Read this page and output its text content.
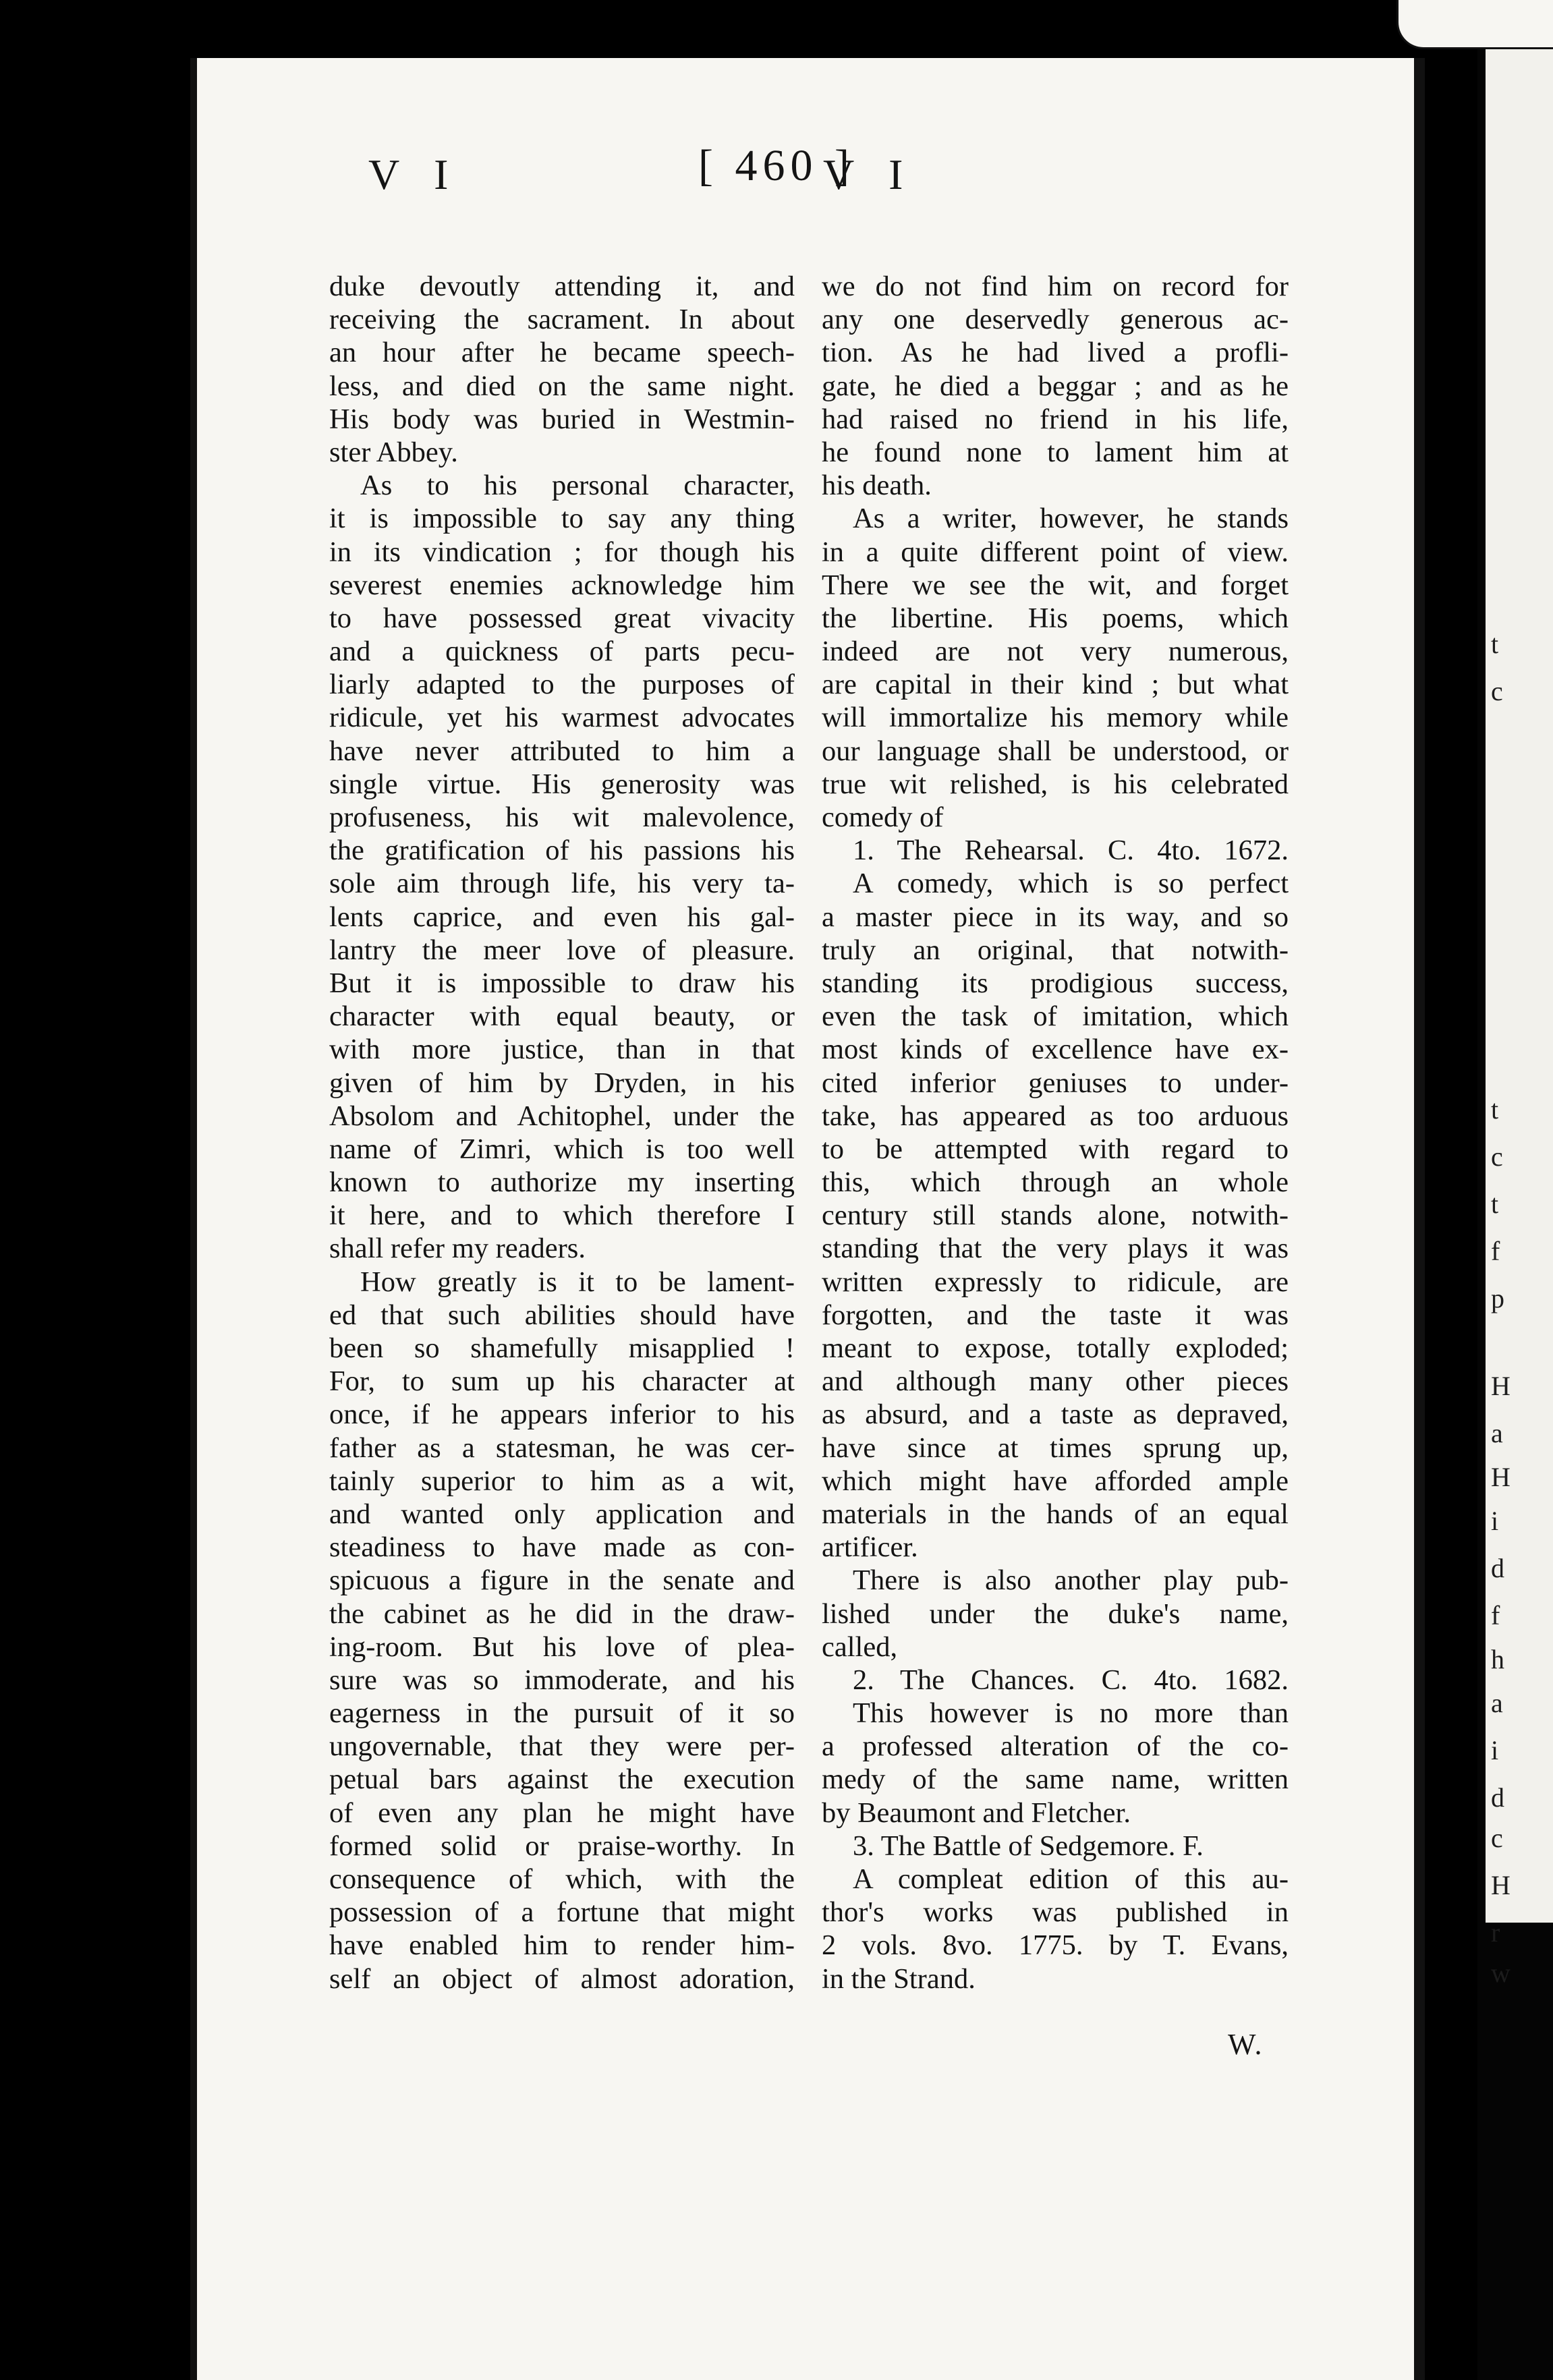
[ 460 ]
V I	V I
duke devoutly attending it, and
receiving the sacrament. In about
an hour after he became speech-
less, and died on the same night.
His body was buried in Westmin-
ster Abbey.
As to his personal character,
it is impossible to say any thing
in its vindication ; for though his
severest enemies acknowledge him
to have possessed great vivacity
and a quickness of parts pecu-
liarly adapted to the purposes of
ridicule, yet his warmest advocates
have never attributed to him a
single virtue. His generosity was
profuseness, his wit malevolence,
the gratification of his passions his
sole aim through life, his very ta-
lents caprice, and even his gal-
lantry the meer love of pleasure.
But it is impossible to draw his
character with equal beauty, or
with more justice, than in that
given of him by Dryden, in his
Absolom and Achitophel, under the
name of Zimri, which is too well
known to authorize my inserting
it here, and to which therefore I
shall refer my readers.
How greatly is it to be lament-
ed that such abilities should have
been so shamefully misapplied !
For, to sum up his character at
once, if he appears inferior to his
father as a statesman, he was cer-
tainly superior to him as a wit,
and wanted only application and
steadiness to have made as con-
spicuous a figure in the senate and
the cabinet as he did in the draw-
ing-room. But his love of plea-
sure was so immoderate, and his
eagerness in the pursuit of it so
ungovernable, that they were per-
petual bars against the execution
of even any plan he might have
formed solid or praise-worthy. In
consequence of which, with the
possession of a fortune that might
have enabled him to render him-
self an object of almost adoration,
we do not find him on record for
any one deservedly generous ac-
tion. As he had lived a profli-
gate, he died a beggar ; and as he
had raised no friend in his life,
he found none to lament him at
his death.
As a writer, however, he stands
in a quite different point of view.
There we see the wit, and forget
the libertine. His poems, which
indeed are not very numerous,
are capital in their kind ; but what
will immortalize his memory while
our language shall be understood, or
true wit relished, is his celebrated
comedy of
1. The Rehearsal. C. 4to. 1672.
A comedy, which is so perfect
a master piece in its way, and so
truly an original, that notwith-
standing its prodigious success,
even the task of imitation, which
most kinds of excellence have ex-
cited inferior geniuses to under-
take, has appeared as too arduous
to be attempted with regard to
this, which through an whole
century still stands alone, notwith-
standing that the very plays it was
written expressly to ridicule, are
forgotten, and the taste it was
meant to expose, totally exploded;
and although many other pieces
as absurd, and a taste as depraved,
have since at times sprung up,
which might have afforded ample
materials in the hands of an equal
artificer.
There is also another play pub-
lished under the duke's name,
called,
2. The Chances. C. 4to. 1682.
This however is no more than
a professed alteration of the co-
medy of the same name, written
by Beaumont and Fletcher.
3. The Battle of Sedgemore. F.
A compleat edition of this au-
thor's works was published in
2 vols. 8vo. 1775. by T. Evans,
in the Strand.
W.
t
c
t
c
t
f
p
H
a
H
i
d
f
h
a
i
d
c
H
r
w
